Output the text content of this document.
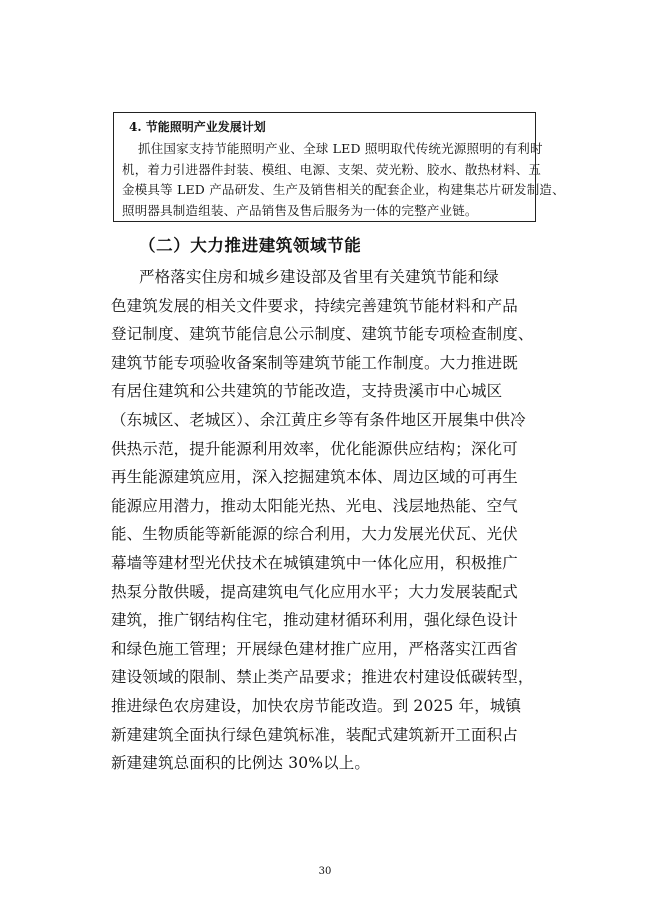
4. 节能照明产业发展计划
抓住国家支持节能照明产业、全球 LED 照明取代传统光源照明的有利时
机，着力引进器件封装、模组、电源、支架、荧光粉、胶水、散热材料、五
金模具等 LED 产品研发、生产及销售相关的配套企业，构建集芯片研发制造、
照明器具制造组装、产品销售及售后服务为一体的完整产业链。
（二）大力推进建筑领域节能
严格落实住房和城乡建设部及省里有关建筑节能和绿
色建筑发展的相关文件要求，持续完善建筑节能材料和产品
登记制度、建筑节能信息公示制度、建筑节能专项检查制度、
建筑节能专项验收备案制等建筑节能工作制度。大力推进既
有居住建筑和公共建筑的节能改造，支持贵溪市中心城区
（东城区、老城区）、余江黄庄乡等有条件地区开展集中供冷
供热示范，提升能源利用效率，优化能源供应结构；深化可
再生能源建筑应用，深入挖掘建筑本体、周边区域的可再生
能源应用潜力，推动太阳能光热、光电、浅层地热能、空气
能、生物质能等新能源的综合利用，大力发展光伏瓦、光伏
幕墙等建材型光伏技术在城镇建筑中一体化应用，积极推广
热泵分散供暖，提高建筑电气化应用水平；大力发展装配式
建筑，推广钢结构住宅，推动建材循环利用，强化绿色设计
和绿色施工管理；开展绿色建材推广应用，严格落实江西省
建设领域的限制、禁止类产品要求；推进农村建设低碳转型，
推进绿色农房建设，加快农房节能改造。到 2025 年，城镇
新建建筑全面执行绿色建筑标准，装配式建筑新开工面积占
新建建筑总面积的比例达 30%以上。
30
